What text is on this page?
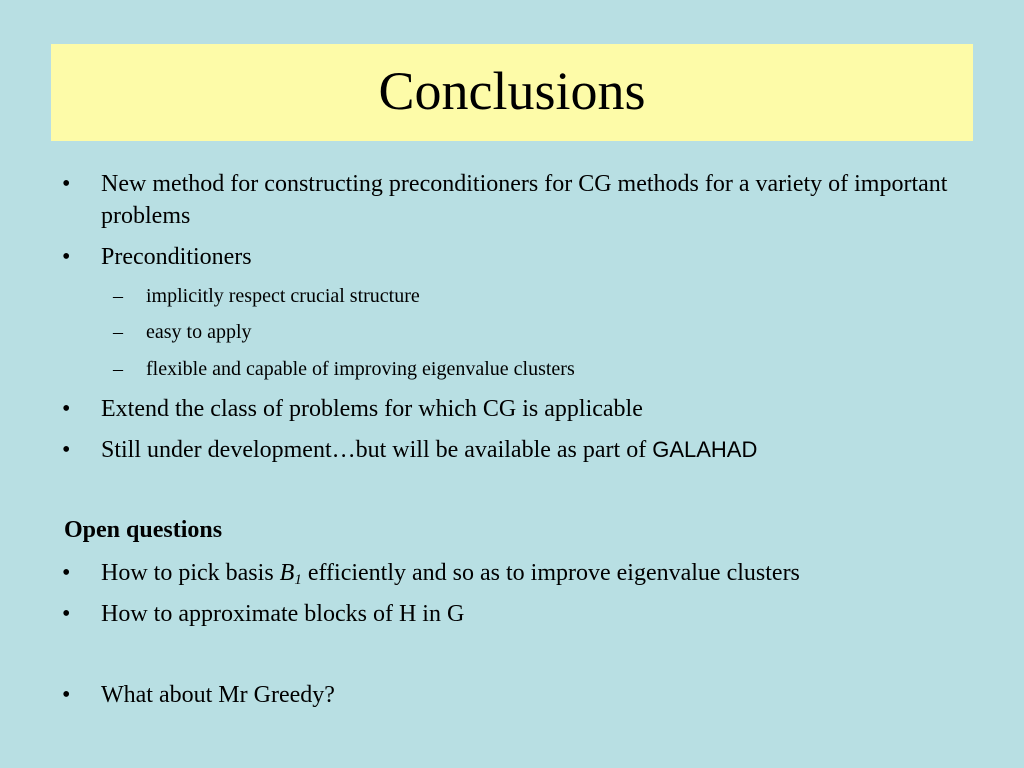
Conclusions
•	New method for constructing preconditioners for CG methods for a variety of important problems
•	Preconditioners
–	implicitly respect crucial structure
–	easy to apply
–	flexible and capable of improving eigenvalue clusters
•	Extend the class of problems for which CG is applicable
•	Still under development…but will be available as part of GALAHAD
Open questions
•	How to pick basis B1 efficiently and so as to improve eigenvalue clusters
•	How to approximate blocks of H in G
•	What about Mr Greedy?
